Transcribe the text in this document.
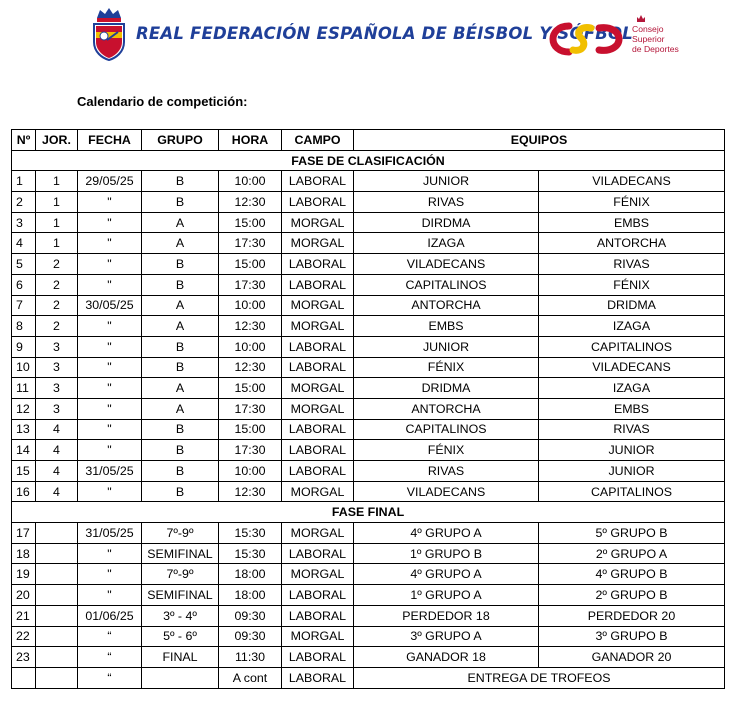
REAL FEDERACIÓN ESPAÑOLA DE BÉISBOL Y SÓFBOL Consejo
Superior
de Deportes
Calendario de competición:
Nº	JOR.	FECHA	GRUPO	HORA	CAMPO	EQUIPOS	
FASE DE CLASIFICACIÓN							
1	1	29/05/25	B	10:00	LABORAL	JUNIOR	VILADECANS
2	1	"	B	12:30	LABORAL	RIVAS	FÉNIX
3	1	"	A	15:00	MORGAL	DIRDMA	EMBS
4	1	"	A	17:30	MORGAL	IZAGA	ANTORCHA
5	2	"	B	15:00	LABORAL	VILADECANS	RIVAS
6	2	"	B	17:30	LABORAL	CAPITALINOS	FÉNIX
7	2	30/05/25	A	10:00	MORGAL	ANTORCHA	DRIDMA
8	2	"	A	12:30	MORGAL	EMBS	IZAGA
9	3	"	B	10:00	LABORAL	JUNIOR	CAPITALINOS
10	3	"	B	12:30	LABORAL	FÉNIX	VILADECANS
11	3	"	A	15:00	MORGAL	DRIDMA	IZAGA
12	3	"	A	17:30	MORGAL	ANTORCHA	EMBS
13	4	"	B	15:00	LABORAL	CAPITALINOS	RIVAS
14	4	"	B	17:30	LABORAL	FÉNIX	JUNIOR
15	4	31/05/25	B	10:00	LABORAL	RIVAS	JUNIOR
16	4	"	B	12:30	MORGAL	VILADECANS	CAPITALINOS
FASE FINAL							
17		31/05/25	7º-9º	15:30	MORGAL	4º GRUPO A	5º GRUPO B
18		"	SEMIFINAL	15:30	LABORAL	1º GRUPO B	2º GRUPO A
19		"	7º-9º	18:00	MORGAL	4º GRUPO A	4º GRUPO B
20		"	SEMIFINAL	18:00	LABORAL	1º GRUPO A	2º GRUPO B
21		01/06/25	3º - 4º	09:30	LABORAL	PERDEDOR 18	PERDEDOR 20
22		“	5º - 6º	09:30	MORGAL	3º GRUPO A	3º GRUPO B
23		“	FINAL	11:30	LABORAL	GANADOR 18	GANADOR 20
		“		A cont	LABORAL	ENTREGA DE TROFEOS	
